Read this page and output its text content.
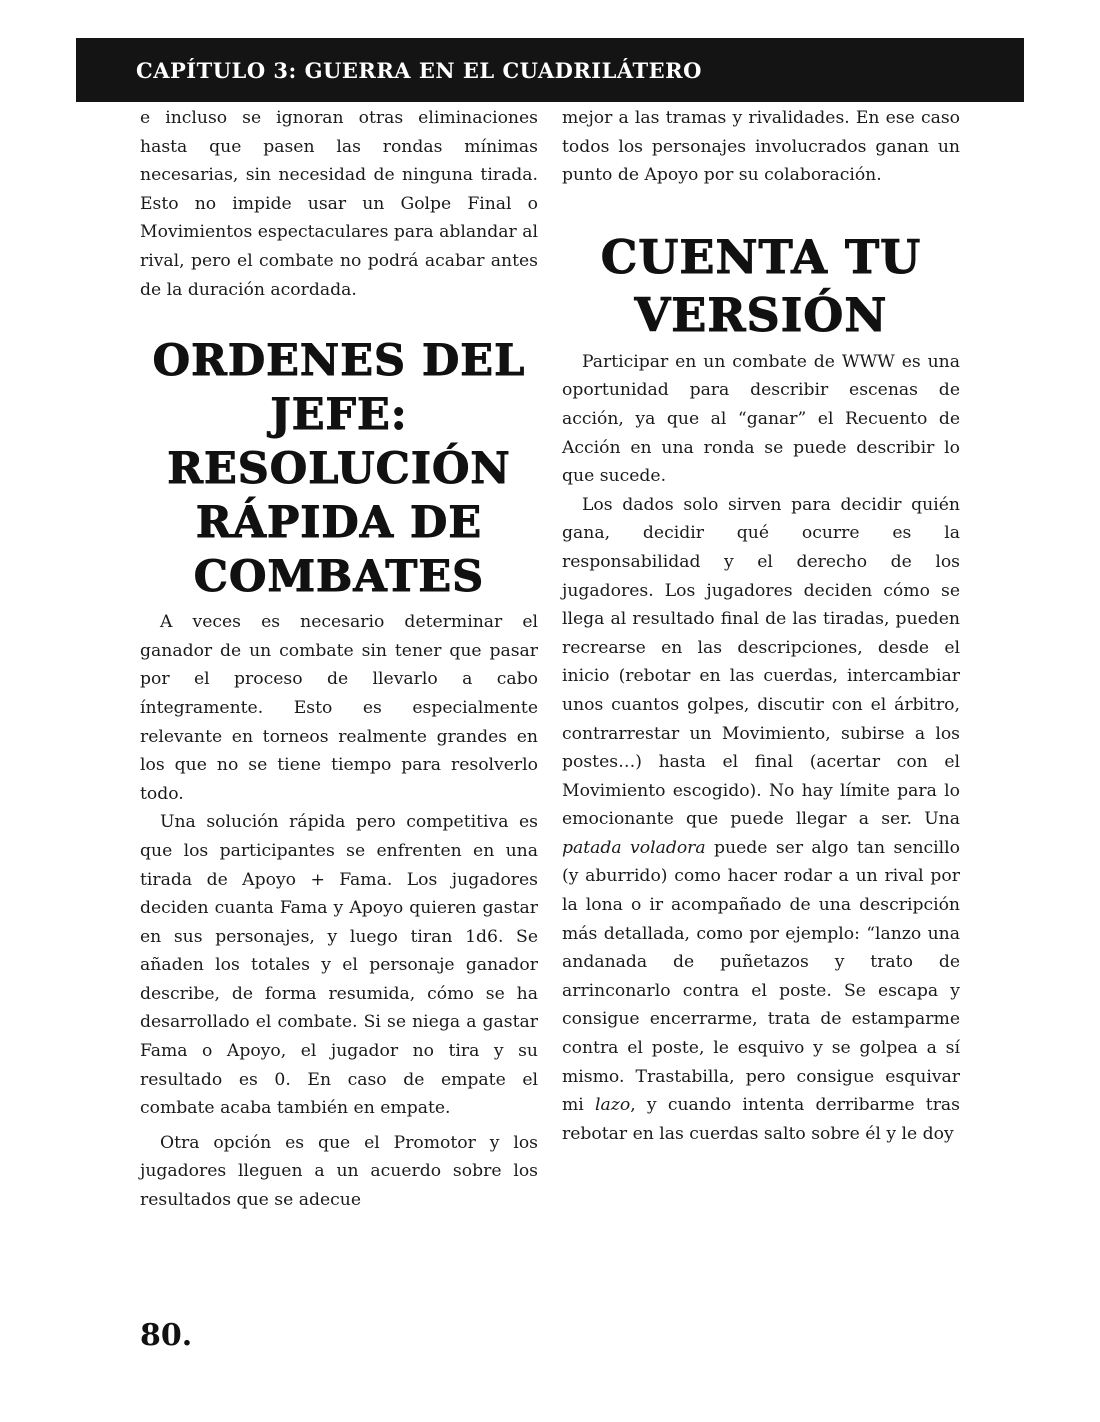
CAPÍTULO 3: GUERRA EN EL CUADRILÁTERO

e incluso se ignoran otras eliminaciones hasta que pasen las rondas mínimas necesarias, sin necesidad de ninguna tirada. Esto no impide usar un Golpe Final o Movimientos espectaculares para ablandar al rival, pero el combate no podrá acabar antes de la duración acordada.

ORDENES DEL JEFE: RESOLUCIÓN RÁPIDA DE COMBATES

A veces es necesario determinar el ganador de un combate sin tener que pasar por el proceso de llevarlo a cabo íntegramente. Esto es especialmente relevante en torneos realmente grandes en los que no se tiene tiempo para resolverlo todo.

Una solución rápida pero competitiva es que los participantes se enfrenten en una tirada de Apoyo + Fama. Los jugadores deciden cuanta Fama y Apoyo quieren gastar en sus personajes, y luego tiran 1d6. Se añaden los totales y el personaje ganador describe, de forma resumida, cómo se ha desarrollado el combate. Si se niega a gastar Fama o Apoyo, el jugador no tira y su resultado es 0. En caso de empate el combate acaba también en empate.

Otra opción es que el Promotor y los jugadores lleguen a un acuerdo sobre los resultados que se adecue

mejor a las tramas y rivalidades. En ese caso todos los personajes involucrados ganan un punto de Apoyo por su colaboración.

CUENTA TU VERSIÓN

Participar en un combate de WWW es una oportunidad para describir escenas de acción, ya que al “ganar” el Recuento de Acción en una ronda se puede describir lo que sucede.

Los dados solo sirven para decidir quién gana, decidir qué ocurre es la responsabilidad y el derecho de los jugadores. Los jugadores deciden cómo se llega al resultado final de las tiradas, pueden recrearse en las descripciones, desde el inicio (rebotar en las cuerdas, intercambiar unos cuantos golpes, discutir con el árbitro, contrarrestar un Movimiento, subirse a los postes…) hasta el final (acertar con el Movimiento escogido). No hay límite para lo emocionante que puede llegar a ser. Una patada voladora puede ser algo tan sencillo (y aburrido) como hacer rodar a un rival por la lona o ir acompañado de una descripción más detallada, como por ejemplo: “lanzo una andanada de puñetazos y trato de arrinconarlo contra el poste. Se escapa y consigue encerrarme, trata de estamparme contra el poste, le esquivo y se golpea a sí mismo. Trastabilla, pero consigue esquivar mi lazo, y cuando intenta derribarme tras rebotar en las cuerdas salto sobre él y le doy

80.
